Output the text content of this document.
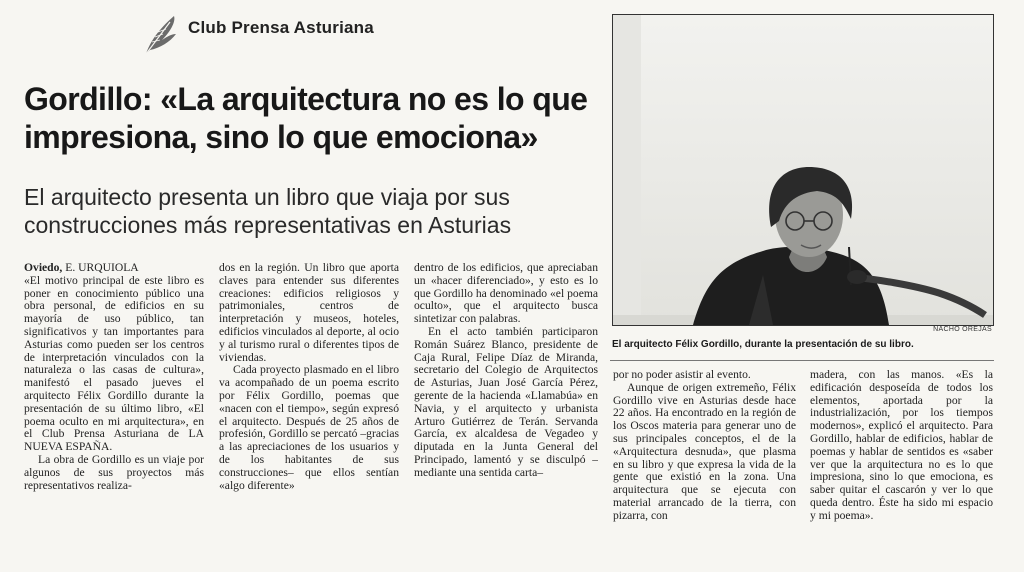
Club Prensa Asturiana
Gordillo: «La arquitectura no es lo que impresiona, sino lo que emociona»
El arquitecto presenta un libro que viaja por sus construcciones más representativas en Asturias

Oviedo, E. URQUIOLA
«El motivo principal de este libro es poner en conocimiento público una obra personal, de edificios en su mayoría de uso público, tan significativos y tan importantes para Asturias como pueden ser los centros de interpretación vinculados con la naturaleza o las casas de cultura», manifestó el pasado jueves el arquitecto Félix Gordillo durante la presentación de su último libro, «El poema oculto en mi arquitectura», en el Club Prensa Asturiana de LA NUEVA ESPAÑA.

La obra de Gordillo es un viaje por algunos de sus proyectos más representativos realiza-

dos en la región. Un libro que aporta claves para entender sus diferentes creaciones: edificios religiosos y patrimoniales, centros de interpretación y museos, hoteles, edificios vinculados al deporte, al ocio y al turismo rural o diferentes tipos de viviendas.

Cada proyecto plasmado en el libro va acompañado de un poema escrito por Félix Gordillo, poemas que «nacen con el tiempo», según expresó el arquitecto. Después de 25 años de profesión, Gordillo se percató –gracias a las apreciaciones de los usuarios y de los habitantes de sus construcciones– que ellos sentían «algo diferente»

dentro de los edificios, que apreciaban un «hacer diferenciado», y esto es lo que Gordillo ha denominado «el poema oculto», que el arquitecto busca sintetizar con palabras.

En el acto también participaron Román Suárez Blanco, presidente de Caja Rural, Felipe Díaz de Miranda, secretario del Colegio de Arquitectos de Asturias, Juan José García Pérez, gerente de la hacienda «Llamabúa» en Navia, y el arquitecto y urbanista Arturo Gutiérrez de Terán. Servanda García, ex alcaldesa de Vegadeo y diputada en la Junta General del Principado, lamentó y se disculpó –mediante una sentida carta–

NACHO OREJAS
El arquitecto Félix Gordillo, durante la presentación de su libro.

por no poder asistir al evento.

Aunque de origen extremeño, Félix Gordillo vive en Asturias desde hace 22 años. Ha encontrado en la región de los Oscos materia para generar uno de sus principales conceptos, el de la «Arquitectura desnuda», que plasma en su libro y que expresa la vida de la gente que existió en la zona. Una arquitectura que se ejecuta con material arrancado de la tierra, con pizarra, con

madera, con las manos. «Es la edificación desposeída de todos los elementos, aportada por la industrialización, por los tiempos modernos», explicó el arquitecto. Para Gordillo, hablar de edificios, hablar de poemas y hablar de sentidos es «saber ver que la arquitectura no es lo que impresiona, sino lo que emociona, es saber quitar el cascarón y ver lo que queda dentro. Éste ha sido mi espacio y mi poema».
